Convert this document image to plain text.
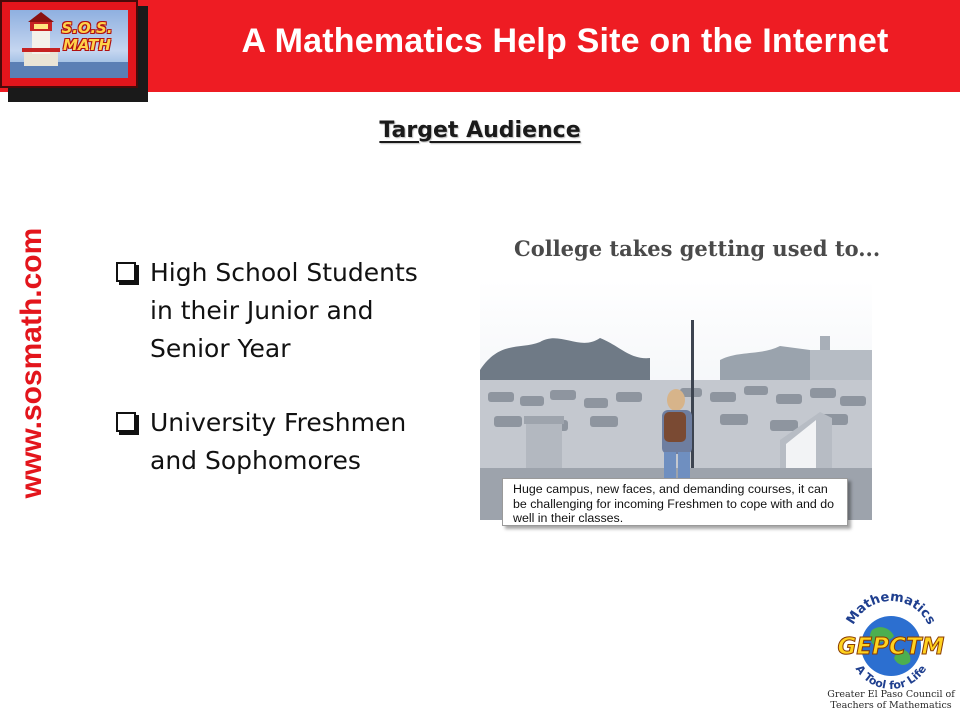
S.O.S. MATH	A Mathematics Help Site on the Internet
Target Audience
www.sosmath.com	High School Students in their Junior and Senior Year
University Freshmen and Sophomores
College takes getting used to...
Huge campus, new faces, and demanding courses, it can be challenging for incoming Freshmen to cope with and do well in their classes.
Mathematics
GEPCTM
A Tool for Life
Greater El Paso Council of
Teachers of Mathematics
